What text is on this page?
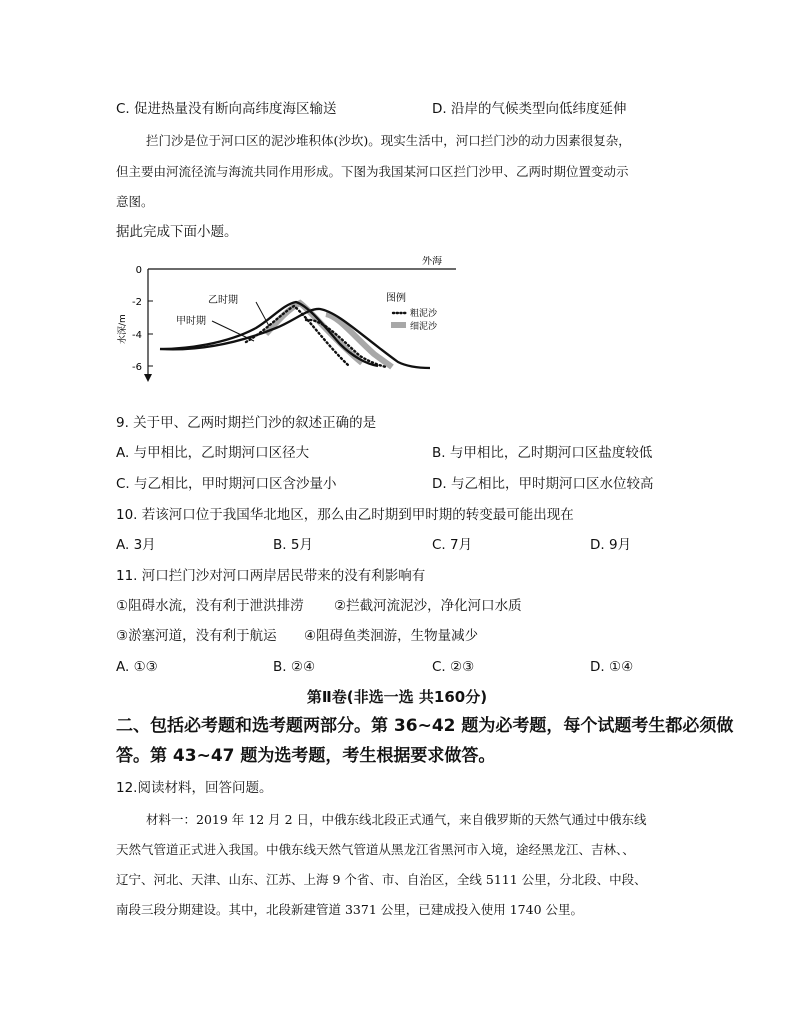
C. 促进热量没有断向高纬度海区输送	D. 沿岸的气候类型向低纬度延伸
拦门沙是位于河口区的泥沙堆积体(沙坎)。现实生活中，河口拦门沙的动力因素很复杂，
但主要由河流径流与海流共同作用形成。下图为我国某河口区拦门沙甲、乙两时期位置变动示
意图。
据此完成下面小题。
0
-2
-4
-6
水深/m
外海
乙时期
甲时期
图例
粗泥沙
细泥沙
9. 关于甲、乙两时期拦门沙的叙述正确的是
A. 与甲相比，乙时期河口区径大	B. 与甲相比，乙时期河口区盐度较低
C. 与乙相比，甲时期河口区含沙量小	D. 与乙相比，甲时期河口区水位较高
10. 若该河口位于我国华北地区，那么由乙时期到甲时期的转变最可能出现在
A. 3月	B. 5月	C. 7月	D. 9月
11. 河口拦门沙对河口两岸居民带来的没有利影响有
①阻碍水流，没有利于泄洪排涝 ②拦截河流泥沙，净化河口水质
③淤塞河道，没有利于航运 ④阻碍鱼类洄游，生物量减少
A. ①③	B. ②④	C. ②③	D. ①④
第Ⅱ卷(非选一选 共160分)
二、包括必考题和选考题两部分。第 36~42 题为必考题，每个试题考生都必须做
答。第 43~47 题为选考题，考生根据要求做答。
12.阅读材料，回答问题。
材料一：2019 年 12 月 2 日，中俄东线北段正式通气，来自俄罗斯的天然气通过中俄东线
天然气管道正式进入我国。中俄东线天然气管道从黑龙江省黑河市入境，途经黑龙江、吉林、、
辽宁、河北、天津、山东、江苏、上海 9 个省、市、自治区，全线 5111 公里，分北段、中段、
南段三段分期建设。其中，北段新建管道 3371 公里，已建成投入使用 1740 公里。
